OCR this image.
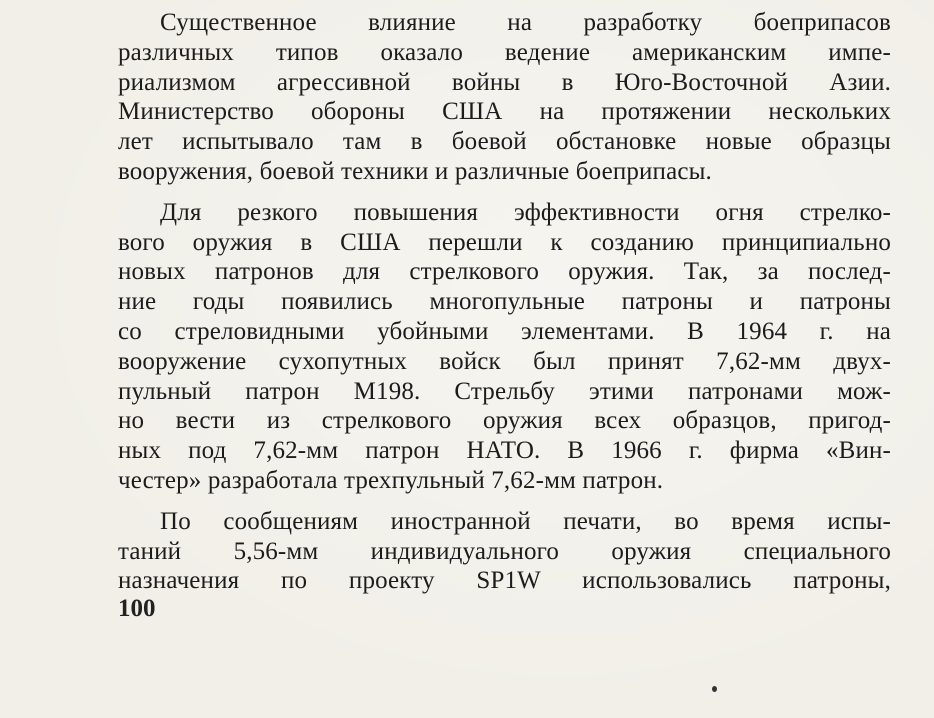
Существенное влияние на разработку боеприпасов
различных типов оказало ведение американским импе-
риализмом агрессивной войны в Юго-Восточной Азии.
Министерство обороны США на протяжении нескольких
лет испытывало там в боевой обстановке новые образцы
вооружения, боевой техники и различные боеприпасы.

Для резкого повышения эффективности огня стрелко-
вого оружия в США перешли к созданию принципиально
новых патронов для стрелкового оружия. Так, за послед-
ние годы появились многопульные патроны и патроны
со стреловидными убойными элементами. В 1964 г. на
вооружение сухопутных войск был принят 7,62-мм двух-
пульный патрон М198. Стрельбу этими патронами мож-
но вести из стрелкового оружия всех образцов, пригод-
ных под 7,62-мм патрон НАТО. В 1966 г. фирма «Вин-
честер» разработала трехпульный 7,62-мм патрон.

По сообщениям иностранной печати, во время испы-
таний 5,56-мм индивидуального оружия специального
назначения по проекту SP1W использовались патроны,

100
